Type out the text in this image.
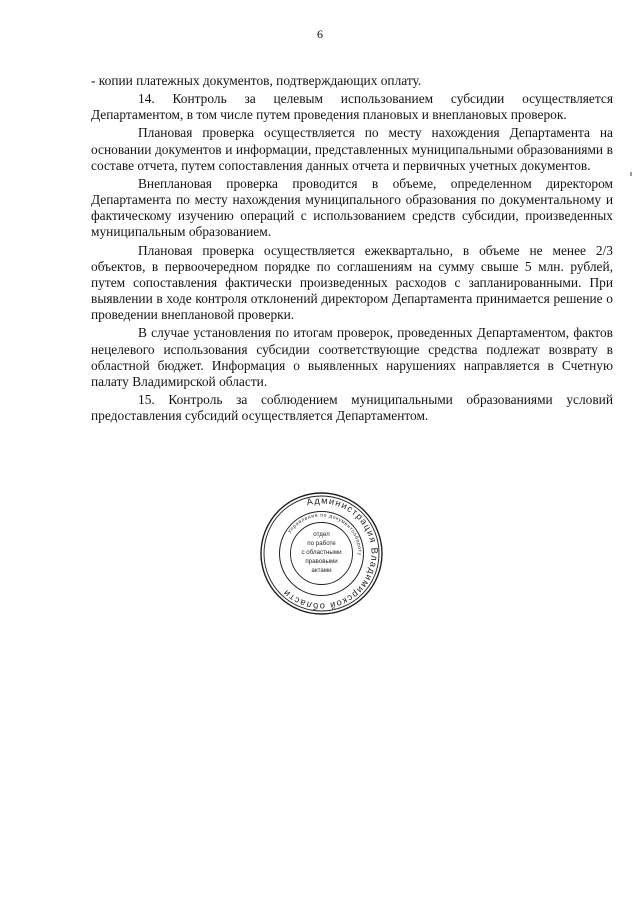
6

- копии платежных документов, подтверждающих оплату.

14. Контроль за целевым использованием субсидии осуществляется Департаментом, в том числе путем проведения плановых и внеплановых проверок.

Плановая проверка осуществляется по месту нахождения Департамента на основании документов и информации, представленных муниципальными образованиями в составе отчета, путем сопоставления данных отчета и первичных учетных документов.

Внеплановая проверка проводится в объеме, определенном директором Департамента по месту нахождения муниципального образования по документальному и фактическому изучению операций с использованием средств субсидии, произведенных муниципальным образованием.

Плановая проверка осуществляется ежеквартально, в объеме не менее 2/3 объектов, в первоочередном порядке по соглашениям на сумму свыше 5 млн. рублей, путем сопоставления фактически произведенных расходов с запланированными. При выявлении в ходе контроля отклонений директором Департамента принимается решение о проведении внеплановой проверки.

В случае установления по итогам проверок, проведенных Департаментом, фактов нецелевого использования субсидии соответствующие средства подлежат возврату в областной бюджет. Информация о выявленных нарушениях направляется в Счетную палату Владимирской области.

15. Контроль за соблюдением муниципальными образованиями условий предоставления субсидий осуществляется Департаментом.

Администрация Владимирской области
Управление по документообороту
отдел
по работе
с областными
правовыми
актами
